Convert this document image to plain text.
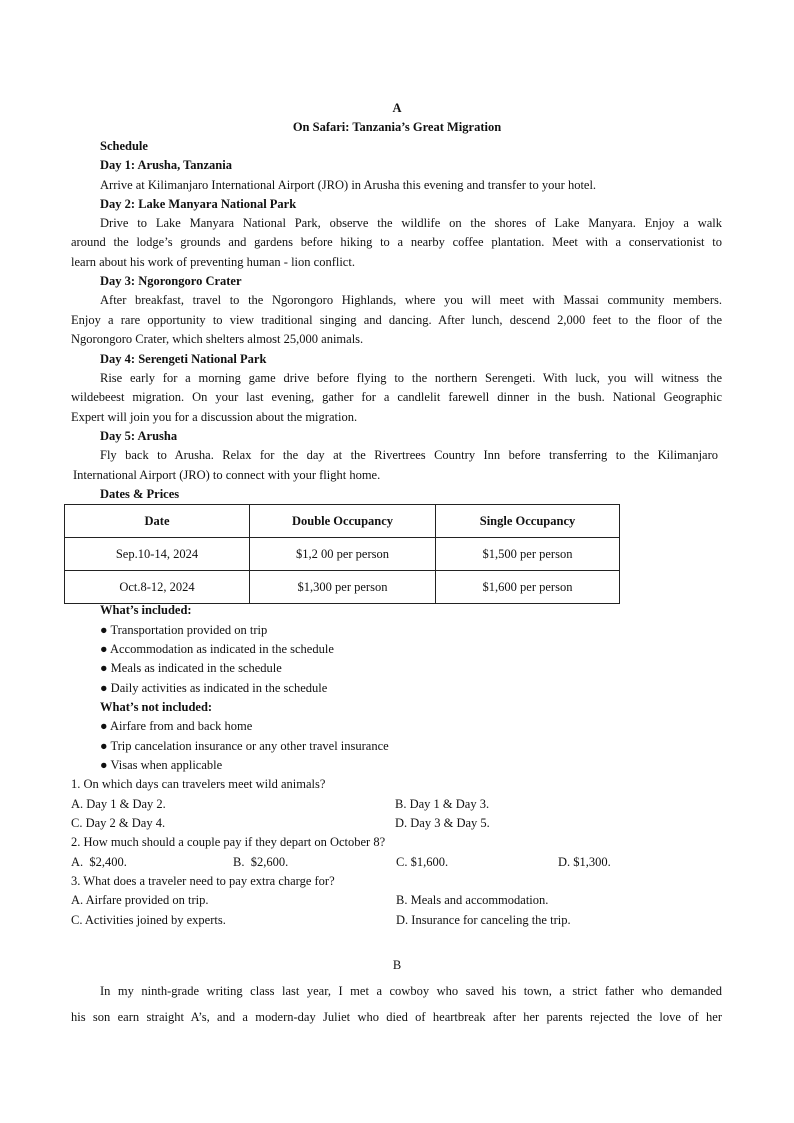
A
On Safari: Tanzania’s Great Migration
Schedule
Day 1: Arusha, Tanzania
Arrive at Kilimanjaro International Airport (JRO) in Arusha this evening and transfer to your hotel.
Day 2: Lake Manyara National Park
Drive to Lake Manyara National Park, observe the wildlife on the shores of Lake Manyara. Enjoy a walk
around the lodge’s grounds and gardens before hiking to a nearby coffee plantation. Meet with a conservationist to
learn about his work of preventing human - lion conflict.
Day 3: Ngorongoro Crater
After breakfast, travel to the Ngorongoro Highlands, where you will meet with Massai community members.
Enjoy a rare opportunity to view traditional singing and dancing. After lunch, descend 2,000 feet to the floor of the
Ngorongoro Crater, which shelters almost 25,000 animals.
Day 4: Serengeti National Park
Rise early for a morning game drive before flying to the northern Serengeti. With luck, you will witness the
wildebeest migration. On your last evening, gather for a candlelit farewell dinner in the bush. National Geographic
Expert will join you for a discussion about the migration.
Day 5: Arusha
Fly back to Arusha. Relax for the day at the Rivertrees Country Inn before transferring to the Kilimanjaro
International Airport (JRO) to connect with your flight home.
Dates & Prices
Date	Double Occupancy	Single Occupancy
Sep.10-14, 2024	$1,2 00 per person	$1,500 per person
Oct.8-12, 2024	$1,300 per person	$1,600 per person
What’s included:
● Transportation provided on trip
● Accommodation as indicated in the schedule
● Meals as indicated in the schedule
● Daily activities as indicated in the schedule
What’s not included:
● Airfare from and back home
● Trip cancelation insurance or any other travel insurance
● Visas when applicable
1. On which days can travelers meet wild animals?
A. Day 1 & Day 2.	B. Day 1 & Day 3.
C. Day 2 & Day 4.	D. Day 3 & Day 5.
2. How much should a couple pay if they depart on October 8?
A.  $2,400.	B.  $2,600.	C. $1,600.	D. $1,300.
3. What does a traveler need to pay extra charge for?
A. Airfare provided on trip.	B. Meals and accommodation.
C. Activities joined by experts.	D. Insurance for canceling the trip.
B
In my ninth-grade writing class last year, I met a cowboy who saved his town, a strict father who demanded
his son earn straight A’s, and a modern-day Juliet who died of heartbreak after her parents rejected the love of her
